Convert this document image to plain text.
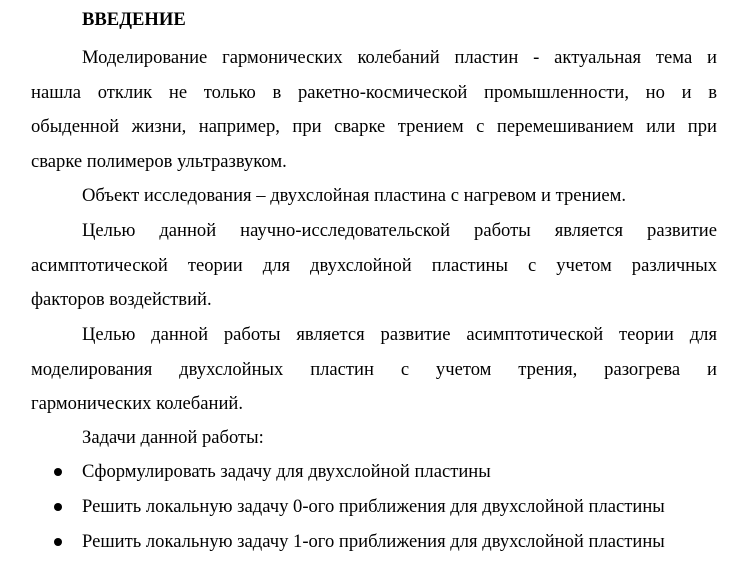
ВВЕДЕНИЕ
Моделирование гармонических колебаний пластин - актуальная тема и
нашла отклик не только в ракетно-космической промышленности, но и в
обыденной жизни, например, при сварке трением с перемешиванием или при
сварке полимеров ультразвуком.
Объект исследования – двухслойная пластина с нагревом и трением.
Целью данной научно-исследовательской работы является развитие
асимптотической теории для двухслойной пластины с учетом различных
факторов воздействий.
Целью данной работы является развитие асимптотической теории для
моделирования двухслойных пластин с учетом трения, разогрева и
гармонических колебаний.
Задачи данной работы:
Сформулировать задачу для двухслойной пластины
Решить локальную задачу 0-ого приближения для двухслойной пластины
Решить локальную задачу 1-ого приближения для двухслойной пластины
